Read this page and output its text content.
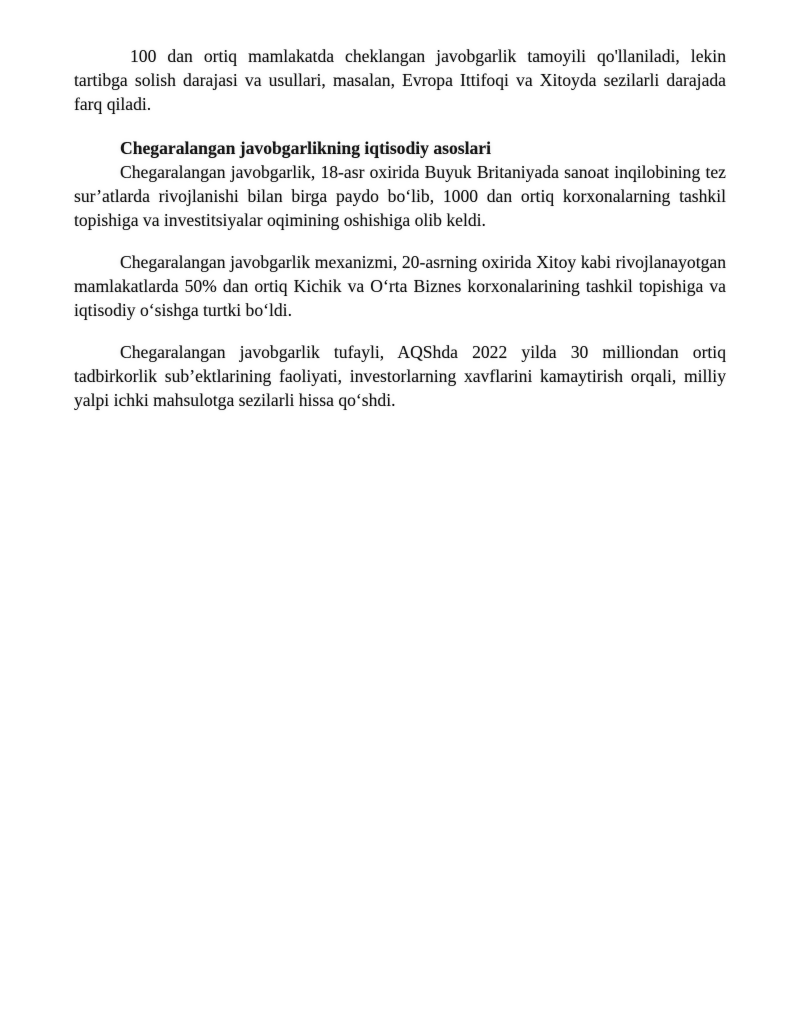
100 dan ortiq mamlakatda cheklangan javobgarlik tamoyili qo'llaniladi, lekin tartibga solish darajasi va usullari, masalan, Evropa Ittifoqi va Xitoyda sezilarli darajada farq qiladi.

Chegaralangan javobgarlikning iqtisodiy asoslari

Chegaralangan javobgarlik, 18-asr oxirida Buyuk Britaniyada sanoat inqilobining tez sur’atlarda rivojlanishi bilan birga paydo bo‘lib, 1000 dan ortiq korxonalarning tashkil topishiga va investitsiyalar oqimining oshishiga olib keldi.

Chegaralangan javobgarlik mexanizmi, 20-asrning oxirida Xitoy kabi rivojlanayotgan mamlakatlarda 50% dan ortiq Kichik va O‘rta Biznes korxonalarining tashkil topishiga va iqtisodiy o‘sishga turtki bo‘ldi.

Chegaralangan javobgarlik tufayli, AQShda 2022 yilda 30 milliondan ortiq tadbirkorlik sub’ektlarining faoliyati, investorlarning xavflarini kamaytirish orqali, milliy yalpi ichki mahsulotga sezilarli hissa qo‘shdi.
